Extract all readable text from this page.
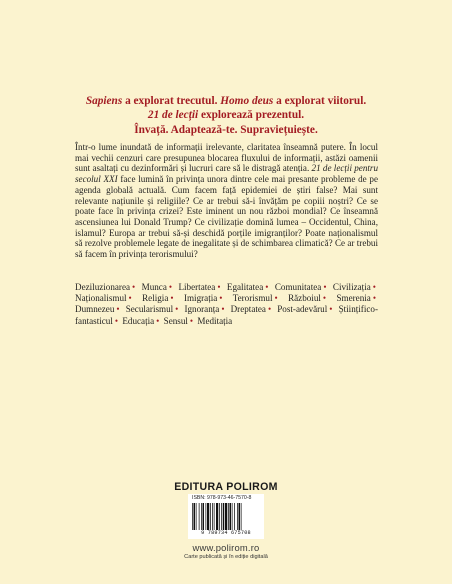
Sapiens a explorat trecutul. Homo deus a explorat viitorul.
21 de lecții explorează prezentul.
Învață. Adaptează-te. Supraviețuiește.

Într-o lume inundată de informații irelevante, claritatea înseamnă putere. În locul mai vechii cenzuri care presupunea blocarea fluxului de informații, astăzi oamenii sunt asaltați cu dezinformări și lucruri care să le distragă atenția. 21 de lecții pentru secolul XXI face lumină în privința unora dintre cele mai presante probleme de pe agenda globală actuală. Cum facem față epidemiei de știri false? Mai sunt relevante națiunile și religiile? Ce ar trebui să-i învățăm pe copiii noștri? Ce se poate face în privința crizei? Este iminent un nou război mondial? Ce înseamnă ascensiunea lui Donald Trump? Ce civilizație domină lumea – Occidentul, China, islamul? Europa ar trebui să-și deschidă porțile imigranților? Poate naționalismul să rezolve problemele legate de inegalitate și de schimbarea climatică? Ce ar trebui să facem în privința terorismului?

Deziluzionarea • Munca • Libertatea • Egalitatea • Comunitatea • Civilizația • Naționalismul • Religia • Imigrația • Terorismul • Războiul • Smerenia • Dumnezeu • Secularismul • Ignoranța • Dreptatea • Post-adevărul • Științifico-fantasticul • Educația • Sensul • Meditația

EDITURA POLIROM
ISBN: 978-973-46-7570-8
9 789734 675708
www.polirom.ro
Carte publicată și în ediție digitală
